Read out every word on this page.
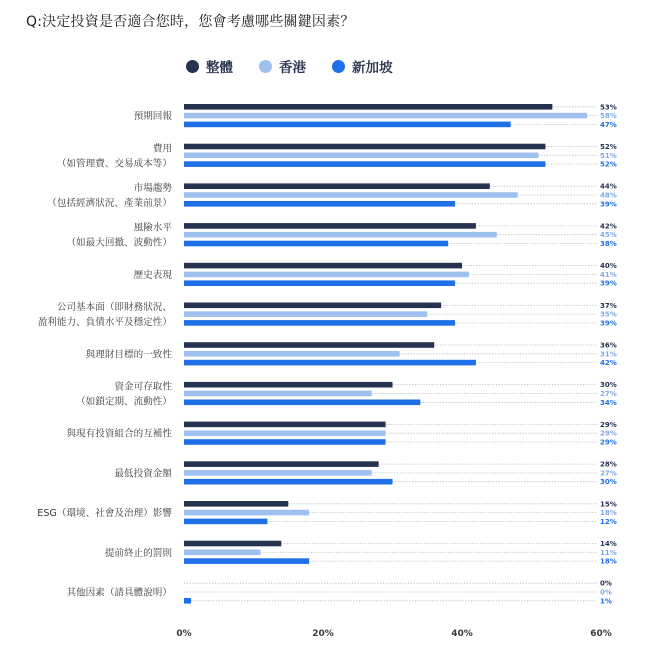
Q:決定投資是否適合您時，您會考慮哪些關鍵因素？
整體	香港	新加坡
預期回報
53%
58%
47%
費用
（如管理費、交易成本等）
52%
51%
52%
市場趨勢
（包括經濟狀況、產業前景）
44%
48%
39%
風險水平
（如最大回撤、波動性）
42%
45%
38%
歷史表現
40%
41%
39%
公司基本面（即財務狀況、
盈利能力、負債水平及穩定性）
37%
35%
39%
與理財目標的一致性
36%
31%
42%
資金可存取性
（如鎖定期、流動性）
30%
27%
34%
與現有投資組合的互補性
29%
29%
29%
最低投資金額
28%
27%
30%
ESG（環境、社會及治理）影響
15%
18%
12%
提前終止的罰則
14%
11%
18%
其他因素（請具體說明）
0%
0%
1%
0%	20%	40%	60%
